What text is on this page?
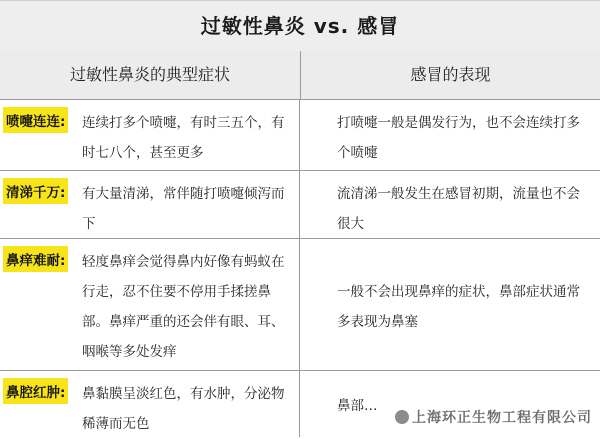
过敏性鼻炎 vs. 感冒
过敏性鼻炎的典型症状	感冒的表现
喷嚏连连: 连续打多个喷嚏，有时三五个，有时七八个，甚至更多
打喷嚏一般是偶发行为，也不会连续打多个喷嚏
清涕千万: 有大量清涕，常伴随打喷嚏倾泻而下
流清涕一般发生在感冒初期，流量也不会很大
鼻痒难耐: 轻度鼻痒会觉得鼻内好像有蚂蚁在行走，忍不住要不停用手揉搓鼻部。鼻痒严重的还会伴有眼、耳、咽喉等多处发痒
一般不会出现鼻痒的症状，鼻部症状通常多表现为鼻塞
鼻腔红肿: 鼻黏膜呈淡红色，有水肿，分泌物稀薄而无色
鼻部…
上海环正生物工程有限公司
